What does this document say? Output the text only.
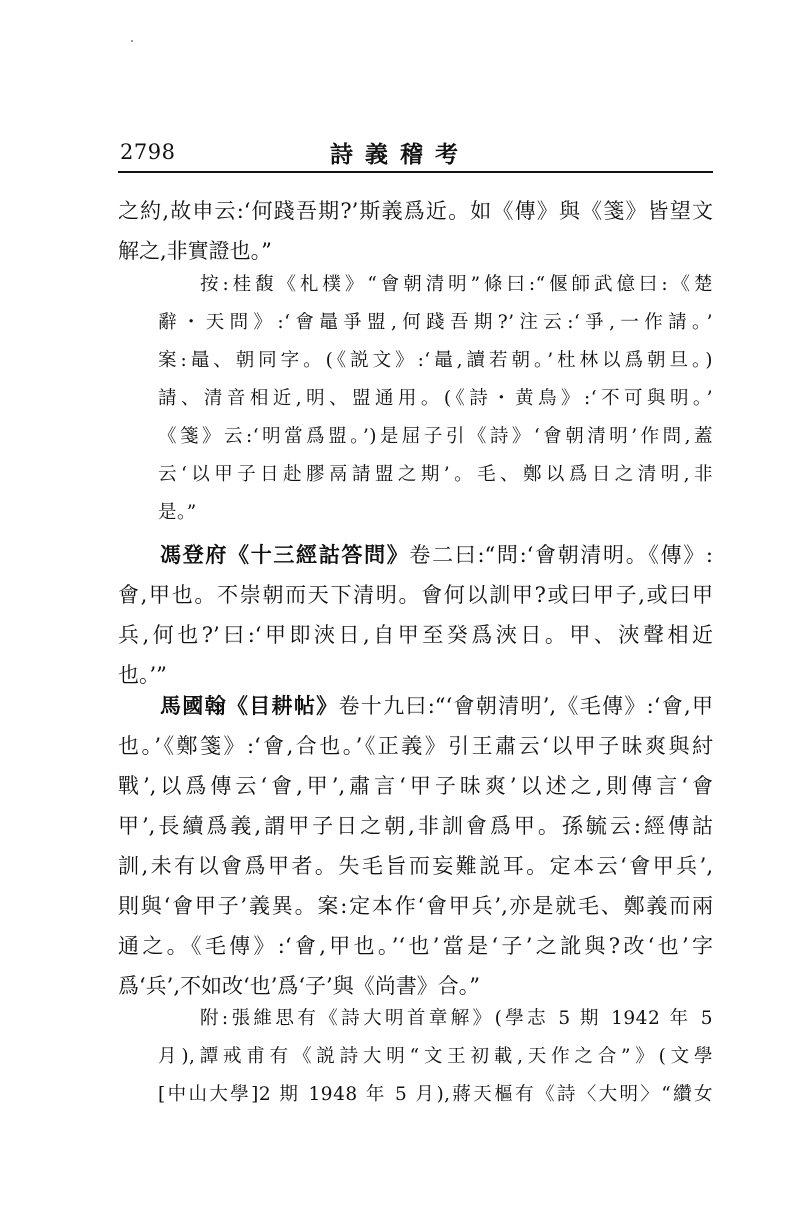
2798	詩義稽考
之約,故申云:‘何踐吾期?’斯義爲近。如《傳》與《箋》皆望文
解之,非實證也。”
按:桂馥《札樸》“會朝清明”條曰:“偃師武億曰:《楚
辭・天問》:‘會鼂爭盟,何踐吾期?’注云:‘爭,一作請。’
案:鼂、朝同字。(《説文》:‘鼂,讀若朝。’杜林以爲朝旦。)
請、清音相近,明、盟通用。(《詩・黄鳥》:‘不可與明。’
《箋》云:‘明當爲盟。’)是屈子引《詩》‘會朝清明’作問,蓋
云‘以甲子日赴膠鬲請盟之期’。毛、鄭以爲日之清明,非
是。”
馮登府《十三經詁答問》卷二曰:“問:‘會朝清明。《傳》:
會,甲也。不崇朝而天下清明。會何以訓甲?或曰甲子,或曰甲
兵,何也?’曰:‘甲即浹日,自甲至癸爲浹日。甲、浹聲相近
也。’”
馬國翰《目耕帖》卷十九曰:“‘會朝清明’,《毛傳》:‘會,甲
也。’《鄭箋》:‘會,合也。’《正義》引王肅云‘以甲子昧爽與紂
戰’,以爲傳云‘會,甲’,肅言‘甲子昧爽’以述之,則傳言‘會
甲’,長續爲義,謂甲子日之朝,非訓會爲甲。孫毓云:經傳詁
訓,未有以會爲甲者。失毛旨而妄難説耳。定本云‘會甲兵’,
則與‘會甲子’義異。案:定本作‘會甲兵’,亦是就毛、鄭義而兩
通之。《毛傳》:‘會,甲也。’‘也’當是‘子’之訛與?改‘也’字
爲‘兵’,不如改‘也’爲‘子’與《尚書》合。”
附:張維思有《詩大明首章解》(學志 5 期 1942 年 5
月),譚戒甫有《説詩大明“文王初載,天作之合”》(文學
[中山大學]2 期 1948 年 5 月),蔣天樞有《詩〈大明〉“纘女
